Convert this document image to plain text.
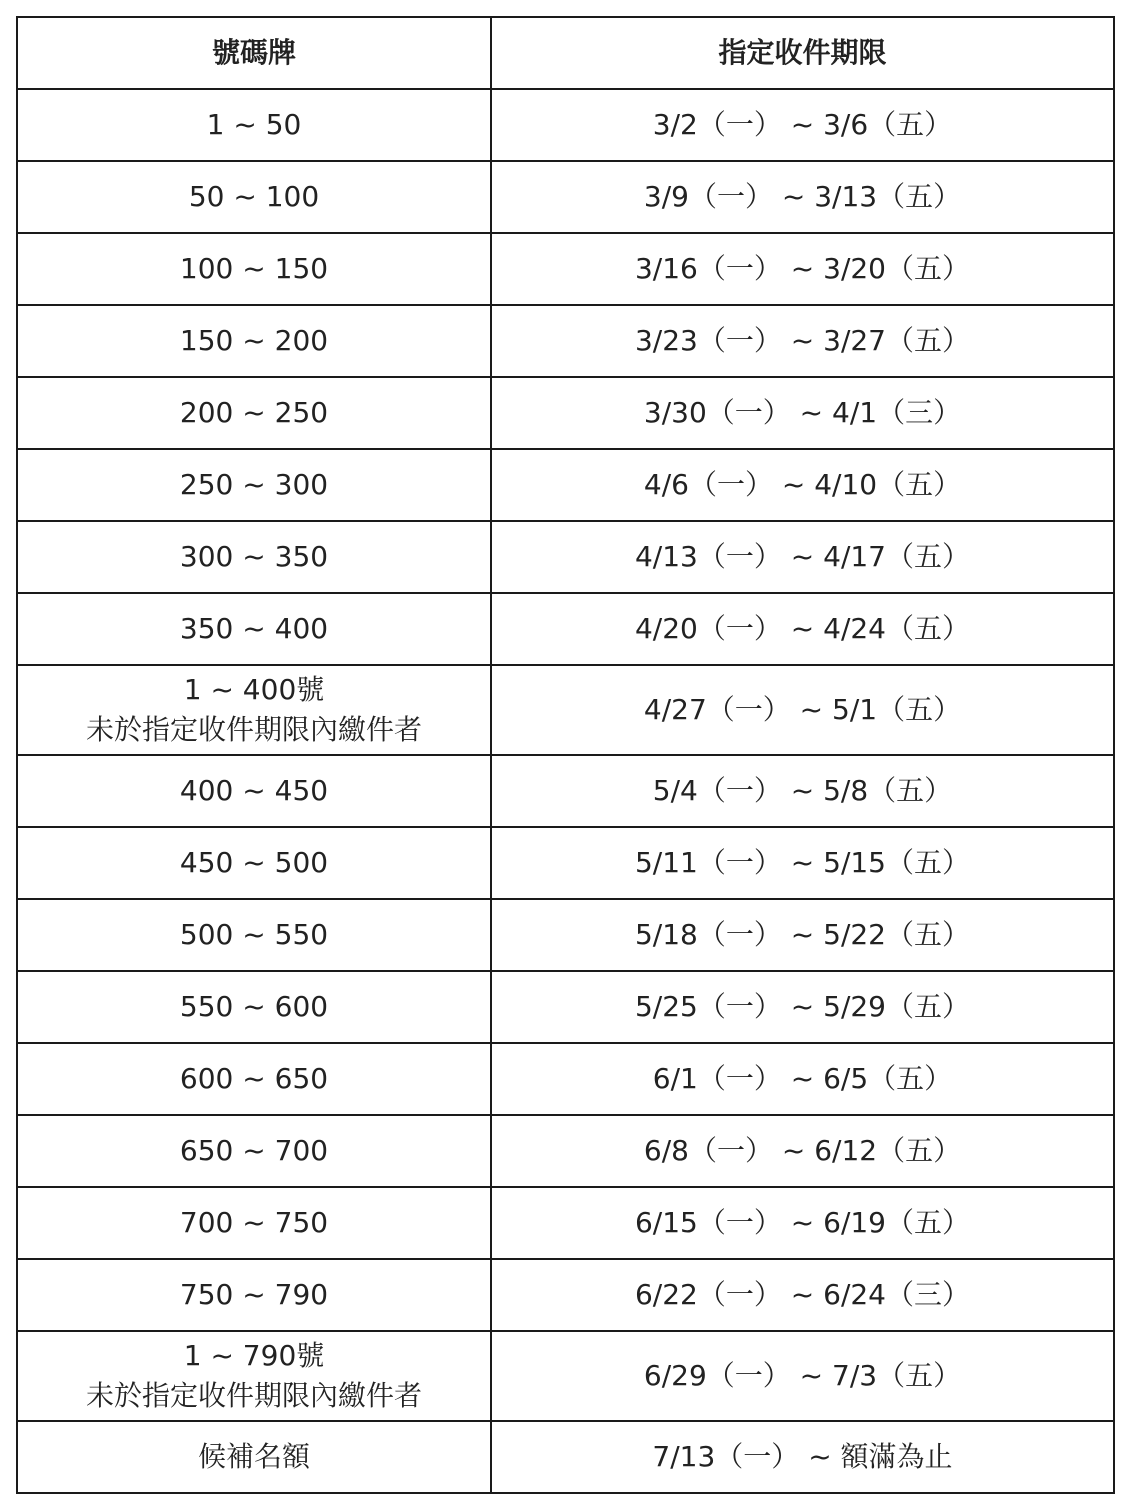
號碼牌	指定收件期限

1 ~ 50	3/2（一） ~ 3/6（五）

50 ~ 100	3/9（一） ~ 3/13（五）

100 ~ 150	3/16（一） ~ 3/20（五）

150 ~ 200	3/23（一） ~ 3/27（五）

200 ~ 250	3/30（一） ~ 4/1（三）

250 ~ 300	4/6（一） ~ 4/10（五）

300 ~ 350	4/13（一） ~ 4/17（五）

350 ~ 400	4/20（一） ~ 4/24（五）

1 ~ 400號
未於指定收件期限內繳件者	4/27（一） ~ 5/1（五）

400 ~ 450	5/4（一） ~ 5/8（五）

450 ~ 500	5/11（一） ~ 5/15（五）

500 ~ 550	5/18（一） ~ 5/22（五）

550 ~ 600	5/25（一） ~ 5/29（五）

600 ~ 650	6/1（一） ~ 6/5（五）

650 ~ 700	6/8（一） ~ 6/12（五）

700 ~ 750	6/15（一） ~ 6/19（五）

750 ~ 790	6/22（一） ~ 6/24（三）

1 ~ 790號
未於指定收件期限內繳件者	6/29（一） ~ 7/3（五）

候補名額	7/13（一） ~ 額滿為止
